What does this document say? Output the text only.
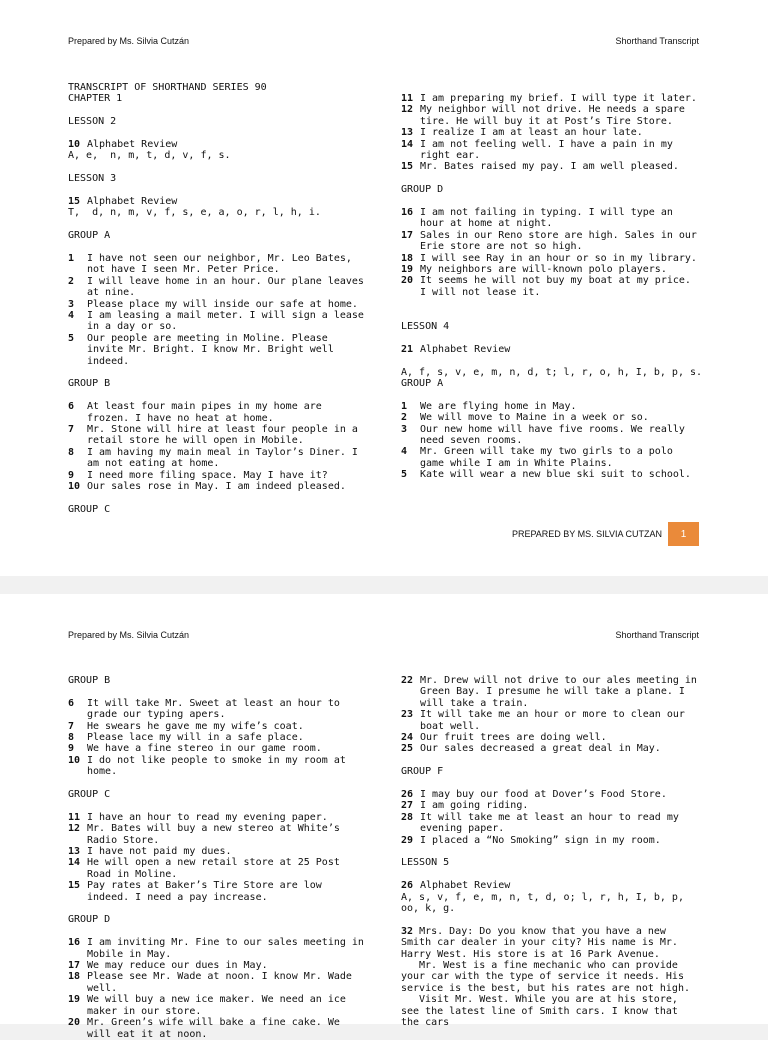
Prepared by Ms. Silvia Cutzán	Shorthand Transcript
TRANSCRIPT OF SHORTHAND SERIES 90
CHAPTER 1
LESSON 2
10 Alphabet Review
A, e,  n, m, t, d, v, f, s.
LESSON 3
15 Alphabet Review
T,  d, n, m, v, f, s, e, a, o, r, l, h, i.
GROUP A
1	I have not seen our neighbor, Mr. Leo Bates, not have I seen Mr. Peter Price.
2	I will leave home in an hour. Our plane leaves at nine.
3	Please place my will inside our safe at home.
4	I am leasing a mail meter. I will sign a lease in a day or so.
5	Our people are meeting in Moline. Please invite Mr. Bright. I know Mr. Bright well indeed.
GROUP B
6	At least four main pipes in my home are frozen. I have no heat at home.
7	Mr. Stone will hire at least four people in a retail store he will open in Mobile.
8	I am having my main meal in Taylor’s Diner. I am not eating at home.
9	I need more filing space. May I have it?
10 Our sales rose in May. I am indeed pleased.
GROUP C
11 I am preparing my brief. I will type it later.
12 My neighbor will not drive. He needs a spare tire. He will buy it at Post’s Tire Store.
13 I realize I am at least an hour late.
14 I am not feeling well. I have a pain in my right ear.
15 Mr. Bates raised my pay. I am well pleased.
GROUP D
16 I am not failing in typing. I will type an hour at home at night.
17 Sales in our Reno store are high. Sales in our Erie store are not so high.
18 I will see Ray in an hour or so in my library.
19 My neighbors are will-known polo players.
20 It seems he will not buy my boat at my price. I will not lease it.
LESSON 4
21 Alphabet Review
A, f, s, v, e, m, n, d, t; l, r, o, h, I, b, p, s.
GROUP A
1	We are flying home in May.
2	We will move to Maine in a week or so.
3	Our new home will have five rooms. We really need seven rooms.
4	Mr. Green will take my two girls to a polo game while I am in White Plains.
5	Kate will wear a new blue ski suit to school.
PREPARED BY MS. SILVIA CUTZAN	1
Prepared by Ms. Silvia Cutzán	Shorthand Transcript
GROUP B
6	It will take Mr. Sweet at least an hour to grade our typing apers.
7	He swears he gave me my wife’s coat.
8	Please lace my will in a safe place.
9	We have a fine stereo in our game room.
10 I do not like people to smoke in my room at home.
GROUP C
11 I have an hour to read my evening paper.
12 Mr. Bates will buy a new stereo at White’s Radio Store.
13 I have not paid my dues.
14 He will open a new retail store at 25 Post Road in Moline.
15 Pay rates at Baker’s Tire Store are low indeed. I need a pay increase.
GROUP D
16 I am inviting Mr. Fine to our sales meeting in Mobile in May.
17 We may reduce our dues in May.
18 Please see Mr. Wade at noon. I know Mr. Wade well.
19 We will buy a new ice maker. We need an ice maker in our store.
20 Mr. Green’s wife will bake a fine cake. We will eat it at noon.
22 Mr. Drew will not drive to our ales meeting in Green Bay. I presume he will take a plane. I will take a train.
23 It will take me an hour or more to clean our boat well.
24 Our fruit trees are doing well.
25 Our sales decreased a great deal in May.
GROUP F
26 I may buy our food at Dover’s Food Store.
27 I am going riding.
28 It will take me at least an hour to read my evening paper.
29 I placed a “No Smoking” sign in my room.
LESSON 5
26 Alphabet Review
A, s, v, f, e, m, n, t, d, o; l, r, h, I, b, p, oo, k, g.
32 Mrs. Day: Do you know that you have a new Smith car dealer in your city? His name is Mr. Harry West. His store is at 16 Park Avenue.
Mr. West is a fine mechanic who can provide your car with the type of service it needs. His service is the best, but his rates are not high.
Visit Mr. West. While you are at his store, see the latest line of Smith cars. I know that the cars
